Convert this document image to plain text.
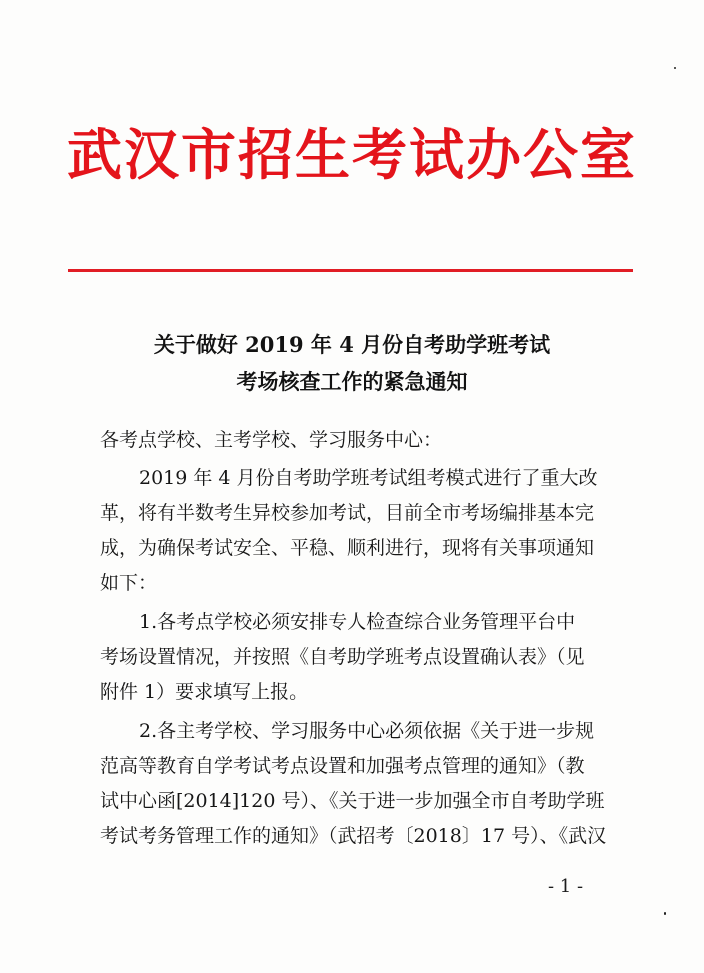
武汉市招生考试办公室
关于做好 2019 年 4 月份自考助学班考试
考场核查工作的紧急通知
各考点学校、主考学校、学习服务中心：
2019 年 4 月份自考助学班考试组考模式进行了重大改
革，将有半数考生异校参加考试，目前全市考场编排基本完
成，为确保考试安全、平稳、顺利进行，现将有关事项通知
如下：
1.各考点学校必须安排专人检查综合业务管理平台中
考场设置情况，并按照《自考助学班考点设置确认表》（见
附件 1）要求填写上报。
2.各主考学校、学习服务中心必须依据《关于进一步规
范高等教育自学考试考点设置和加强考点管理的通知》（教
试中心函[2014]120 号）、《关于进一步加强全市自考助学班
考试考务管理工作的通知》（武招考〔2018〕17 号）、《武汉
- 1 -
